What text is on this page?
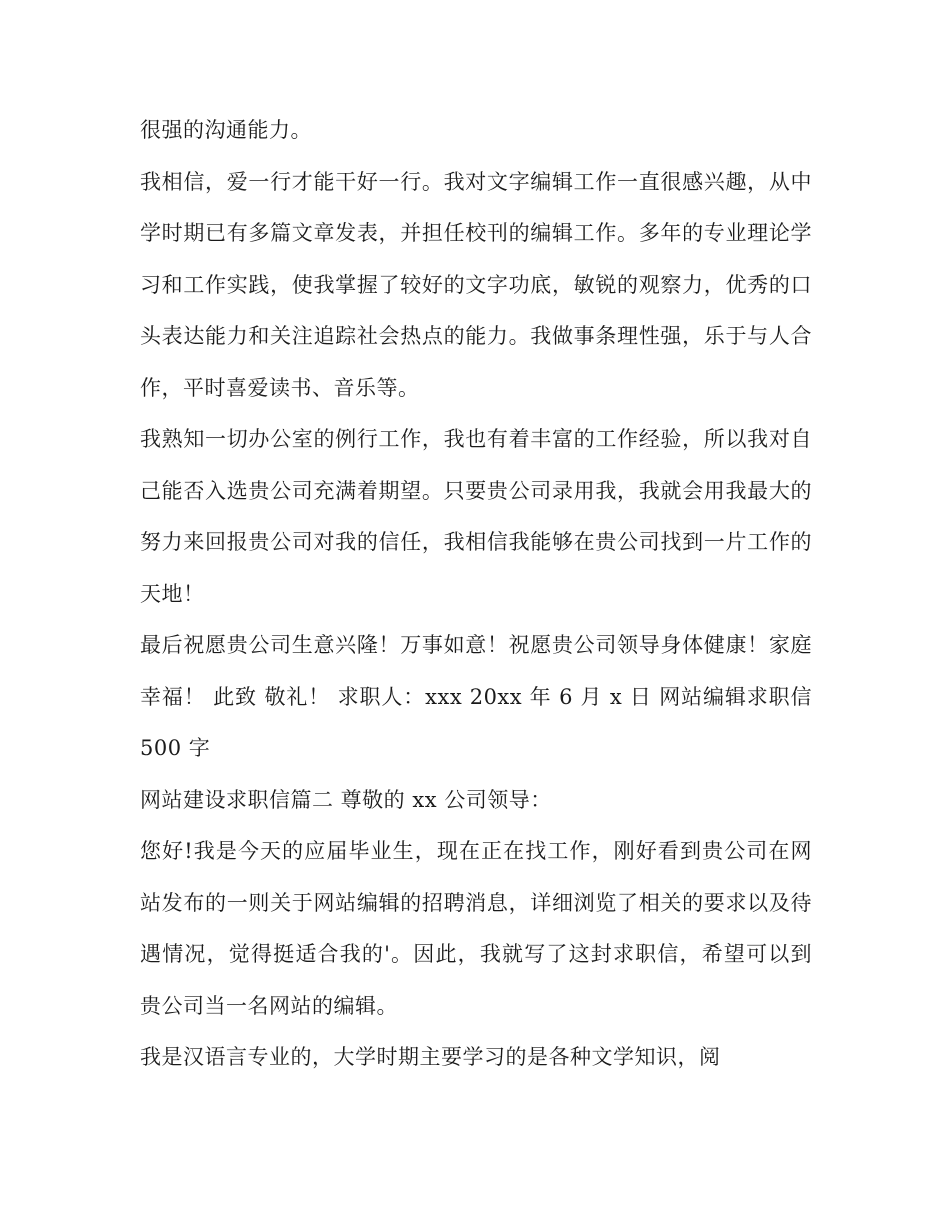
很强的沟通能力。

我相信，爱一行才能干好一行。我对文字编辑工作一直很感兴趣，从中学时期已有多篇文章发表，并担任校刊的编辑工作。多年的专业理论学习和工作实践，使我掌握了较好的文字功底，敏锐的观察力，优秀的口头表达能力和关注追踪社会热点的能力。我做事条理性强，乐于与人合作，平时喜爱读书、音乐等。

我熟知一切办公室的例行工作，我也有着丰富的工作经验，所以我对自己能否入选贵公司充满着期望。只要贵公司录用我，我就会用我最大的努力来回报贵公司对我的信任，我相信我能够在贵公司找到一片工作的天地！

最后祝愿贵公司生意兴隆！万事如意！祝愿贵公司领导身体健康！家庭幸福！ 此致 敬礼！ 求职人：xxx 20xx 年 6 月 x 日 网站编辑求职信 500 字

网站建设求职信篇二 尊敬的 xx 公司领导：

您好!我是今天的应届毕业生，现在正在找工作，刚好看到贵公司在网站发布的一则关于网站编辑的招聘消息，详细浏览了相关的要求以及待遇情况，觉得挺适合我的'。因此，我就写了这封求职信，希望可以到贵公司当一名网站的编辑。

我是汉语言专业的，大学时期主要学习的是各种文学知识，阅
